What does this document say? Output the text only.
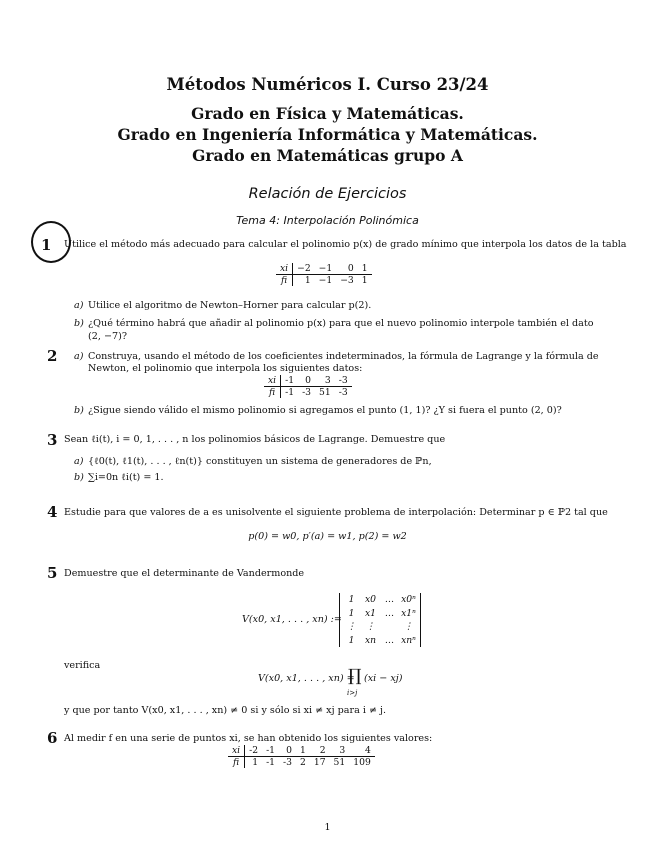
Métodos Numéricos I. Curso 23/24
Grado en Física y Matemáticas.
Grado en Ingeniería Informática y Matemáticas.
Grado en Matemáticas grupo A
Relación de Ejercicios
Tema 4: Interpolación Polinómica
1 Utilice el método más adecuado para calcular el polinomio p(x) de grado mínimo que interpola los datos de la tabla
xi	−2	−1	0	1
fi	1	−1	−3	1
a) Utilice el algoritmo de Newton–Horner para calcular p(2).
b) ¿Qué término habrá que añadir al polinomio p(x) para que el nuevo polinomio interpole también el dato
(2, −7)?
2 a) Construya, usando el método de los coeficientes indeterminados, la fórmula de Lagrange y la fórmula de
Newton, el polinomio que interpola los siguientes datos:
xi	-1	0	3	-3
fi	-1	-3	51	-3
b) ¿Sigue siendo válido el mismo polinomio si agregamos el punto (1, 1)? ¿Y si fuera el punto (2, 0)?
3 Sean ℓi(t), i = 0, 1, . . . , n los polinomios básicos de Lagrange. Demuestre que
a) {ℓ0(t), ℓ1(t), . . . , ℓn(t)} constituyen un sistema de generadores de ℙn,
b) ∑i=0n ℓi(t) = 1.
4 Estudie para que valores de a es unisolvente el siguiente problema de interpolación: Determinar p ∈ ℙ2 tal que
p(0) = w0, p′(a) = w1, p(2) = w2
5 Demuestre que el determinante de Vandermonde
V(x0, x1, . . . , xn) :=
1	x0 … x0ⁿ
1	x1 … x1ⁿ
⋮	⋮	⋮
1	xn … xnⁿ
verifica
V(x0, x1, . . . , xn) =
∏
i>j
(xi − xj)
y que por tanto V(x0, x1, . . . , xn) ≠ 0 si y sólo si xi ≠ xj para i ≠ j.
6 Al medir f en una serie de puntos xi, se han obtenido los siguientes valores:
xi	-2	-1	0	1	2	3	4
fi	1	-1	-3	2	17	51	109
1
